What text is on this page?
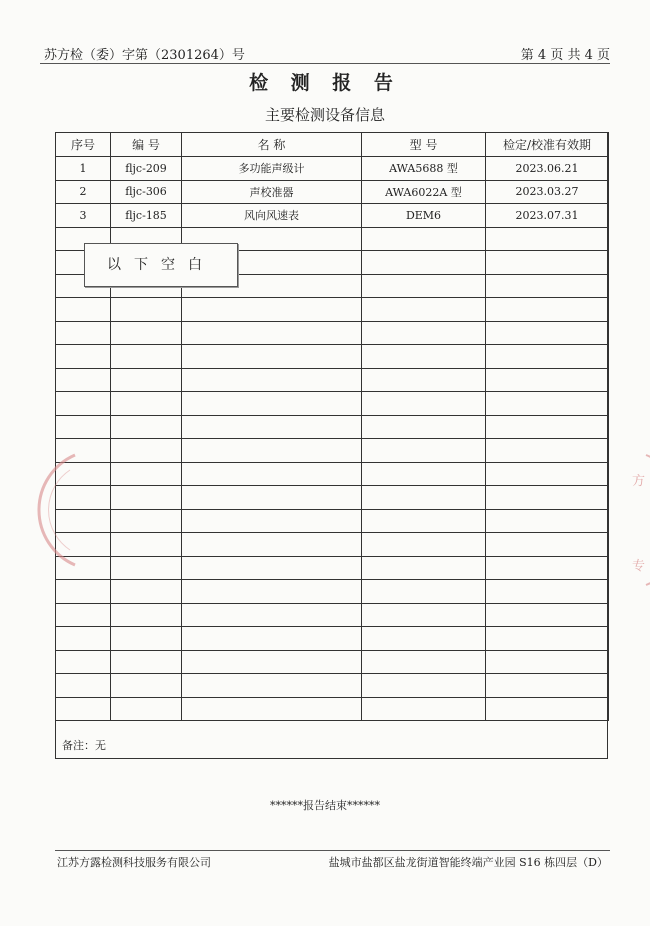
苏方检（委）字第（2301264）号	第 4 页 共 4 页
检 测 报 告
主要检测设备信息
序号	编 号	名 称	型 号	检定/校准有效期
1	fljc-209	多功能声级计	AWA5688 型	2023.06.21
2	fljc-306	声校准器	AWA6022A 型	2023.03.27
3	fljc-185	风向风速表	DEM6	2023.07.31

备注：无
以下空白
方
专
******报告结束******
江苏方露检测科技服务有限公司	盐城市盐都区盐龙街道智能终端产业园 S16 栋四层（D）
